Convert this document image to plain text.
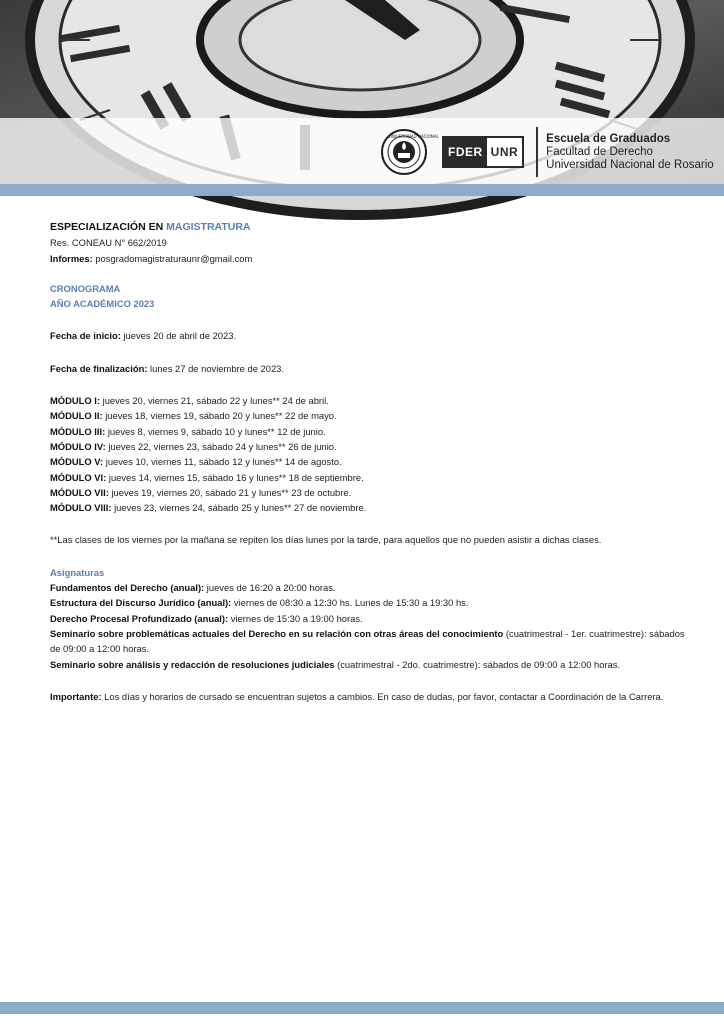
UNIVERSIDAD NACIONAL
FDER UNR
Escuela de Graduados
Facultad de Derecho
Universidad Nacional de Rosario

ESPECIALIZACIÓN EN MAGISTRATURA

Res. CONEAU N° 662/2019

Informes: posgradomagistraturaunr@gmail.com

CRONOGRAMA

AÑO ACADÉMICO 2023

Fecha de inicio: jueves 20 de abril de 2023.

Fecha de finalización: lunes 27 de noviembre de 2023.

MÓDULO I: jueves 20, viernes 21, sábado 22 y lunes** 24 de abril.

MÓDULO II: jueves 18, viernes 19, sábado 20 y lunes** 22 de mayo.

MÓDULO III: jueves 8, viernes 9, sábado 10 y lunes** 12 de junio.

MÓDULO IV: jueves 22, viernes 23, sábado 24 y lunes** 26 de junio.

MÓDULO V: jueves 10, viernes 11, sábado 12 y lunes** 14 de agosto.

MÓDULO VI: jueves 14, viernes 15, sábado 16 y lunes** 18 de septiembre.

MÓDULO VII: jueves 19, viernes 20, sábado 21 y lunes** 23 de octubre.

MÓDULO VIII: jueves 23, viernes 24, sábado 25 y lunes** 27 de noviembre.

**Las clases de los viernes por la mañana se repiten los días lunes por la tarde, para aquellos que no pueden asistir a dichas clases.

Asignaturas

Fundamentos del Derecho (anual): jueves de 16:20 a 20:00 horas.

Estructura del Discurso Jurídico (anual): viernes de 08:30 a 12:30 hs. Lunes de 15:30 a 19:30 hs.

Derecho Procesal Profundizado (anual): viernes de 15:30 a 19:00 horas.

Seminario sobre problemáticas actuales del Derecho en su relación con otras áreas del conocimiento (cuatrimestral - 1er. cuatrimestre): sábados de 09:00 a 12:00 horas.

Seminario sobre análisis y redacción de resoluciones judiciales (cuatrimestral - 2do. cuatrimestre): sábados de 09:00 a 12:00 horas.

Importante: Los días y horarios de cursado se encuentran sujetos a cambios. En caso de dudas, por favor, contactar a Coordinación de la Carrera.
